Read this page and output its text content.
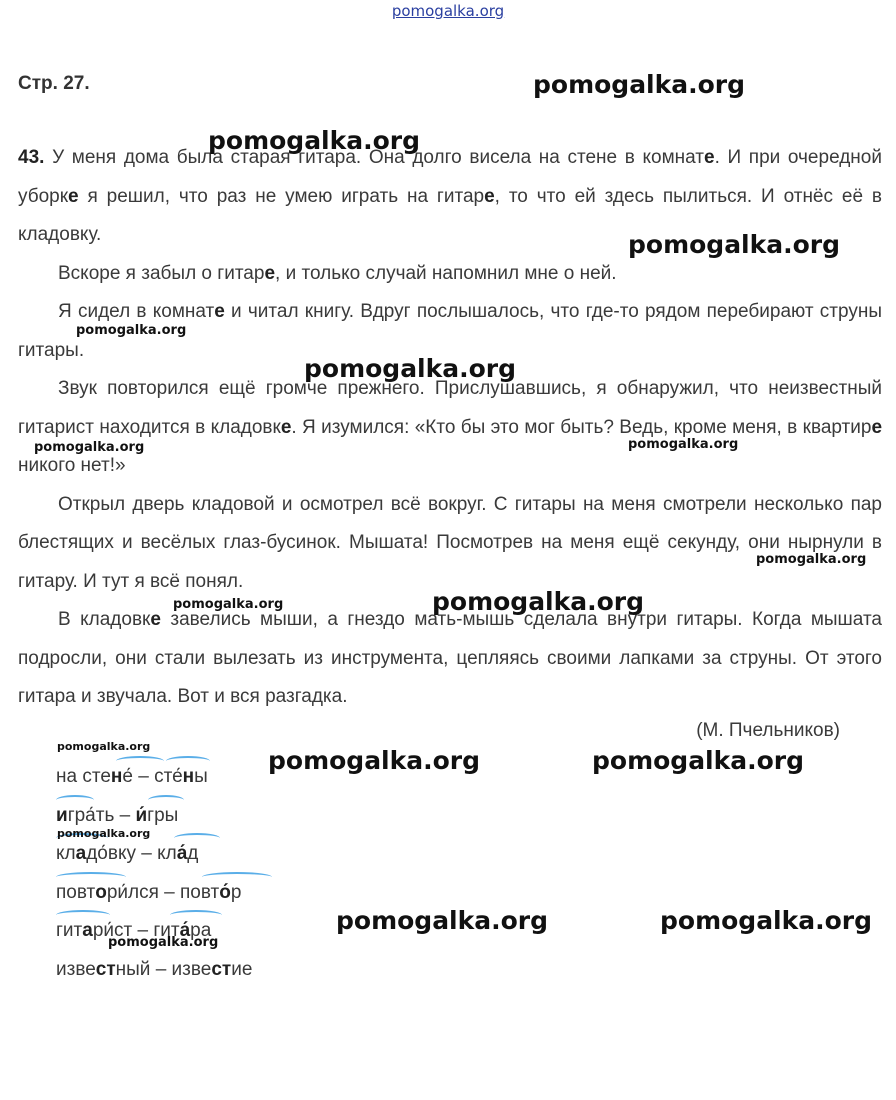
pomogalka.org
Стр. 27.

43. У меня дома была старая гитара. Она долго висела на стене в комнате. И при очередной уборке я решил, что раз не умею играть на гитаре, то что ей здесь пылиться. И отнёс её в кладовку.

Вскоре я забыл о гитаре, и только случай напомнил мне о ней.

Я сидел в комнате и читал книгу. Вдруг послышалось, что где-то рядом перебирают струны гитары.

Звук повторился ещё громче прежнего. Прислушавшись, я обнаружил, что неизвестный гитарист находится в кладовке. Я изумился: «Кто бы это мог быть? Ведь, кроме меня, в квартире никого нет!»

Открыл дверь кладовой и осмотрел всё вокруг. С гитары на меня смотрели несколько пар блестящих и весёлых глаз-бусинок. Мышата! Посмотрев на меня ещё секунду, они нырнули в гитару. И тут я всё понял.

В кладовке завелись мыши, а гнездо мать-мышь сделала внутри гитары. Когда мышата подросли, они стали вылезать из инструмента, цепляясь своими лапками за струны. От этого гитара и звучала. Вот и вся разгадка.

(М. Пчельников)
на стене́ – сте́ны
игра́ть – и́гры
кладо́вку – кла́д
повтори́лся – повто́р
гитари́ст – гита́ра
известный – известие
pomogalka.org
pomogalka.org
pomogalka.org
pomogalka.org
pomogalka.org
pomogalka.org	pomogalka.org
pomogalka.org
pomogalka.org	pomogalka.org
pomogalka.org	pomogalka.org	pomogalka.org
pomogalka.org
pomogalka.org	pomogalka.org
pomogalka.org
